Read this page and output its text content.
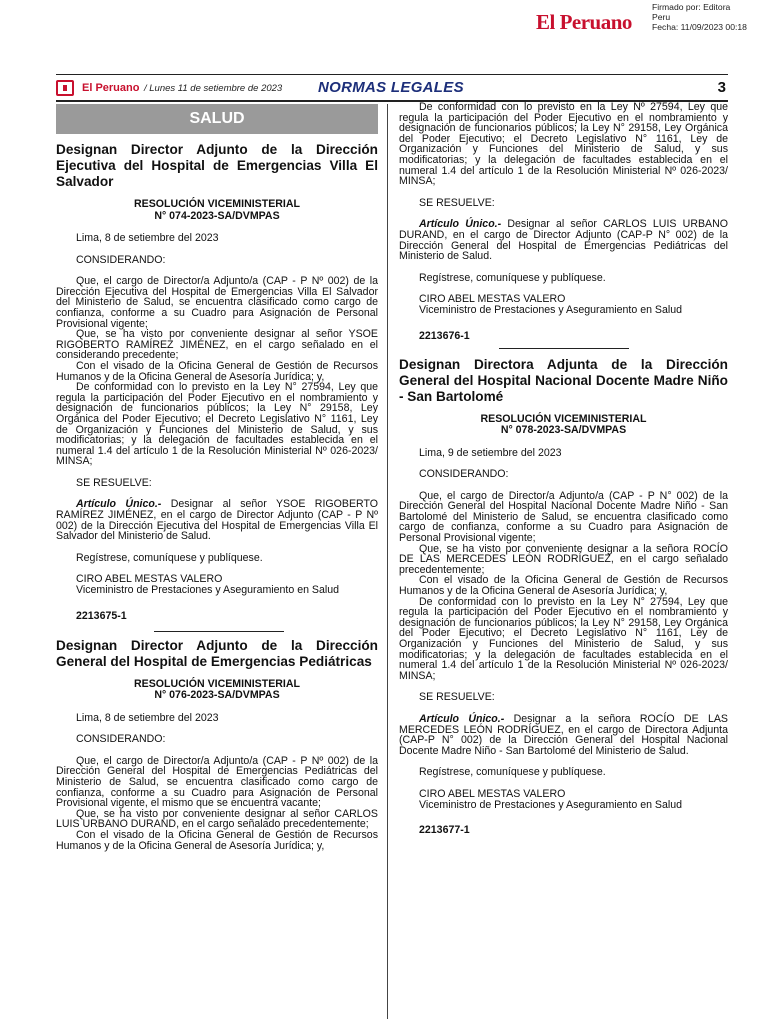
El Peruano
Firmado por: Editora
Peru
Fecha: 11/09/2023 00:18
El Peruano / Lunes 11 de setiembre de 2023 NORMAS LEGALES	3
SALUD
Designan Director Adjunto de la Dirección Ejecutiva del Hospital de Emergencias Villa El Salvador
RESOLUCIÓN VICEMINISTERIAL
N° 074-2023-SA/DVMPAS

Lima, 8 de setiembre del 2023

CONSIDERANDO:

Que, el cargo de Director/a Adjunto/a (CAP - P Nº 002) de la Dirección Ejecutiva del Hospital de Emergencias Villa El Salvador del Ministerio de Salud, se encuentra clasificado como cargo de confianza, conforme a su Cuadro para Asignación de Personal Provisional vigente;

Que, se ha visto por conveniente designar al señor YSOE RIGOBERTO RAMÍREZ JIMÉNEZ, en el cargo señalado en el considerando precedente;

Con el visado de la Oficina General de Gestión de Recursos Humanos y de la Oficina General de Asesoría Jurídica; y,

De conformidad con lo previsto en la Ley N° 27594, Ley que regula la participación del Poder Ejecutivo en el nombramiento y designación de funcionarios públicos; la Ley N° 29158, Ley Orgánica del Poder Ejecutivo; el Decreto Legislativo N° 1161, Ley de Organización y Funciones del Ministerio de Salud, y sus modificatorias; y la delegación de facultades establecida en el numeral 1.4 del artículo 1 de la Resolución Ministerial Nº 026-2023/ MINSA;

SE RESUELVE:

Artículo Único.- Designar al señor YSOE RIGOBERTO RAMÍREZ JIMÉNEZ, en el cargo de Director Adjunto (CAP - P Nº 002) de la Dirección Ejecutiva del Hospital de Emergencias Villa El Salvador del Ministerio de Salud.

Regístrese, comuníquese y publíquese.

CIRO ABEL MESTAS VALERO

Viceministro de Prestaciones y Aseguramiento en Salud

2213675-1
Designan Director Adjunto de la Dirección General del Hospital de Emergencias Pediátricas
RESOLUCIÓN VICEMINISTERIAL
N° 076-2023-SA/DVMPAS

Lima, 8 de setiembre del 2023

CONSIDERANDO:

Que, el cargo de Director/a Adjunto/a (CAP - P Nº 002) de la Dirección General del Hospital de Emergencias Pediátricas del Ministerio de Salud, se encuentra clasificado como cargo de confianza, conforme a su Cuadro para Asignación de Personal Provisional vigente, el mismo que se encuentra vacante;

Que, se ha visto por conveniente designar al señor CARLOS LUIS URBANO DURAND, en el cargo señalado precedentemente;

Con el visado de la Oficina General de Gestión de Recursos Humanos y de la Oficina General de Asesoría Jurídica; y,

De conformidad con lo previsto en la Ley Nº 27594, Ley que regula la participación del Poder Ejecutivo en el nombramiento y designación de funcionarios públicos; la Ley N° 29158, Ley Orgánica del Poder Ejecutivo; el Decreto Legislativo N° 1161, Ley de Organización y Funciones del Ministerio de Salud, y sus modificatorias; y la delegación de facultades establecida en el numeral 1.4 del artículo 1 de la Resolución Ministerial Nº 026-2023/ MINSA;

SE RESUELVE:

Artículo Único.- Designar al señor CARLOS LUIS URBANO DURAND, en el cargo de Director Adjunto (CAP-P N° 002) de la Dirección General del Hospital de Emergencias Pediátricas del Ministerio de Salud.

Regístrese, comuníquese y publíquese.

CIRO ABEL MESTAS VALERO

Viceministro de Prestaciones y Aseguramiento en Salud

2213676-1
Designan Directora Adjunta de la Dirección General del Hospital Nacional Docente Madre Niño - San Bartolomé
RESOLUCIÓN VICEMINISTERIAL
N° 078-2023-SA/DVMPAS

Lima, 9 de setiembre del 2023

CONSIDERANDO:

Que, el cargo de Director/a Adjunto/a (CAP - P N° 002) de la Dirección General del Hospital Nacional Docente Madre Niño - San Bartolomé del Ministerio de Salud, se encuentra clasificado como cargo de confianza, conforme a su Cuadro para Asignación de Personal Provisional vigente;

Que, se ha visto por conveniente designar a la señora ROCÍO DE LAS MERCEDES LEÓN RODRÍGUEZ, en el cargo señalado precedentemente;

Con el visado de la Oficina General de Gestión de Recursos Humanos y de la Oficina General de Asesoría Jurídica; y,

De conformidad con lo previsto en la Ley N° 27594, Ley que regula la participación del Poder Ejecutivo en el nombramiento y designación de funcionarios públicos; la Ley N° 29158, Ley Orgánica del Poder Ejecutivo; el Decreto Legislativo N° 1161, Ley de Organización y Funciones del Ministerio de Salud, y sus modificatorias; y la delegación de facultades establecida en el numeral 1.4 del artículo 1 de la Resolución Ministerial Nº 026-2023/ MINSA;

SE RESUELVE:

Artículo Único.- Designar a la señora ROCÍO DE LAS MERCEDES LEÓN RODRÍGUEZ, en el cargo de Directora Adjunta (CAP-P N° 002) de la Dirección General del Hospital Nacional Docente Madre Niño - San Bartolomé del Ministerio de Salud.

Regístrese, comuníquese y publíquese.

CIRO ABEL MESTAS VALERO

Viceministro de Prestaciones y Aseguramiento en Salud

2213677-1
